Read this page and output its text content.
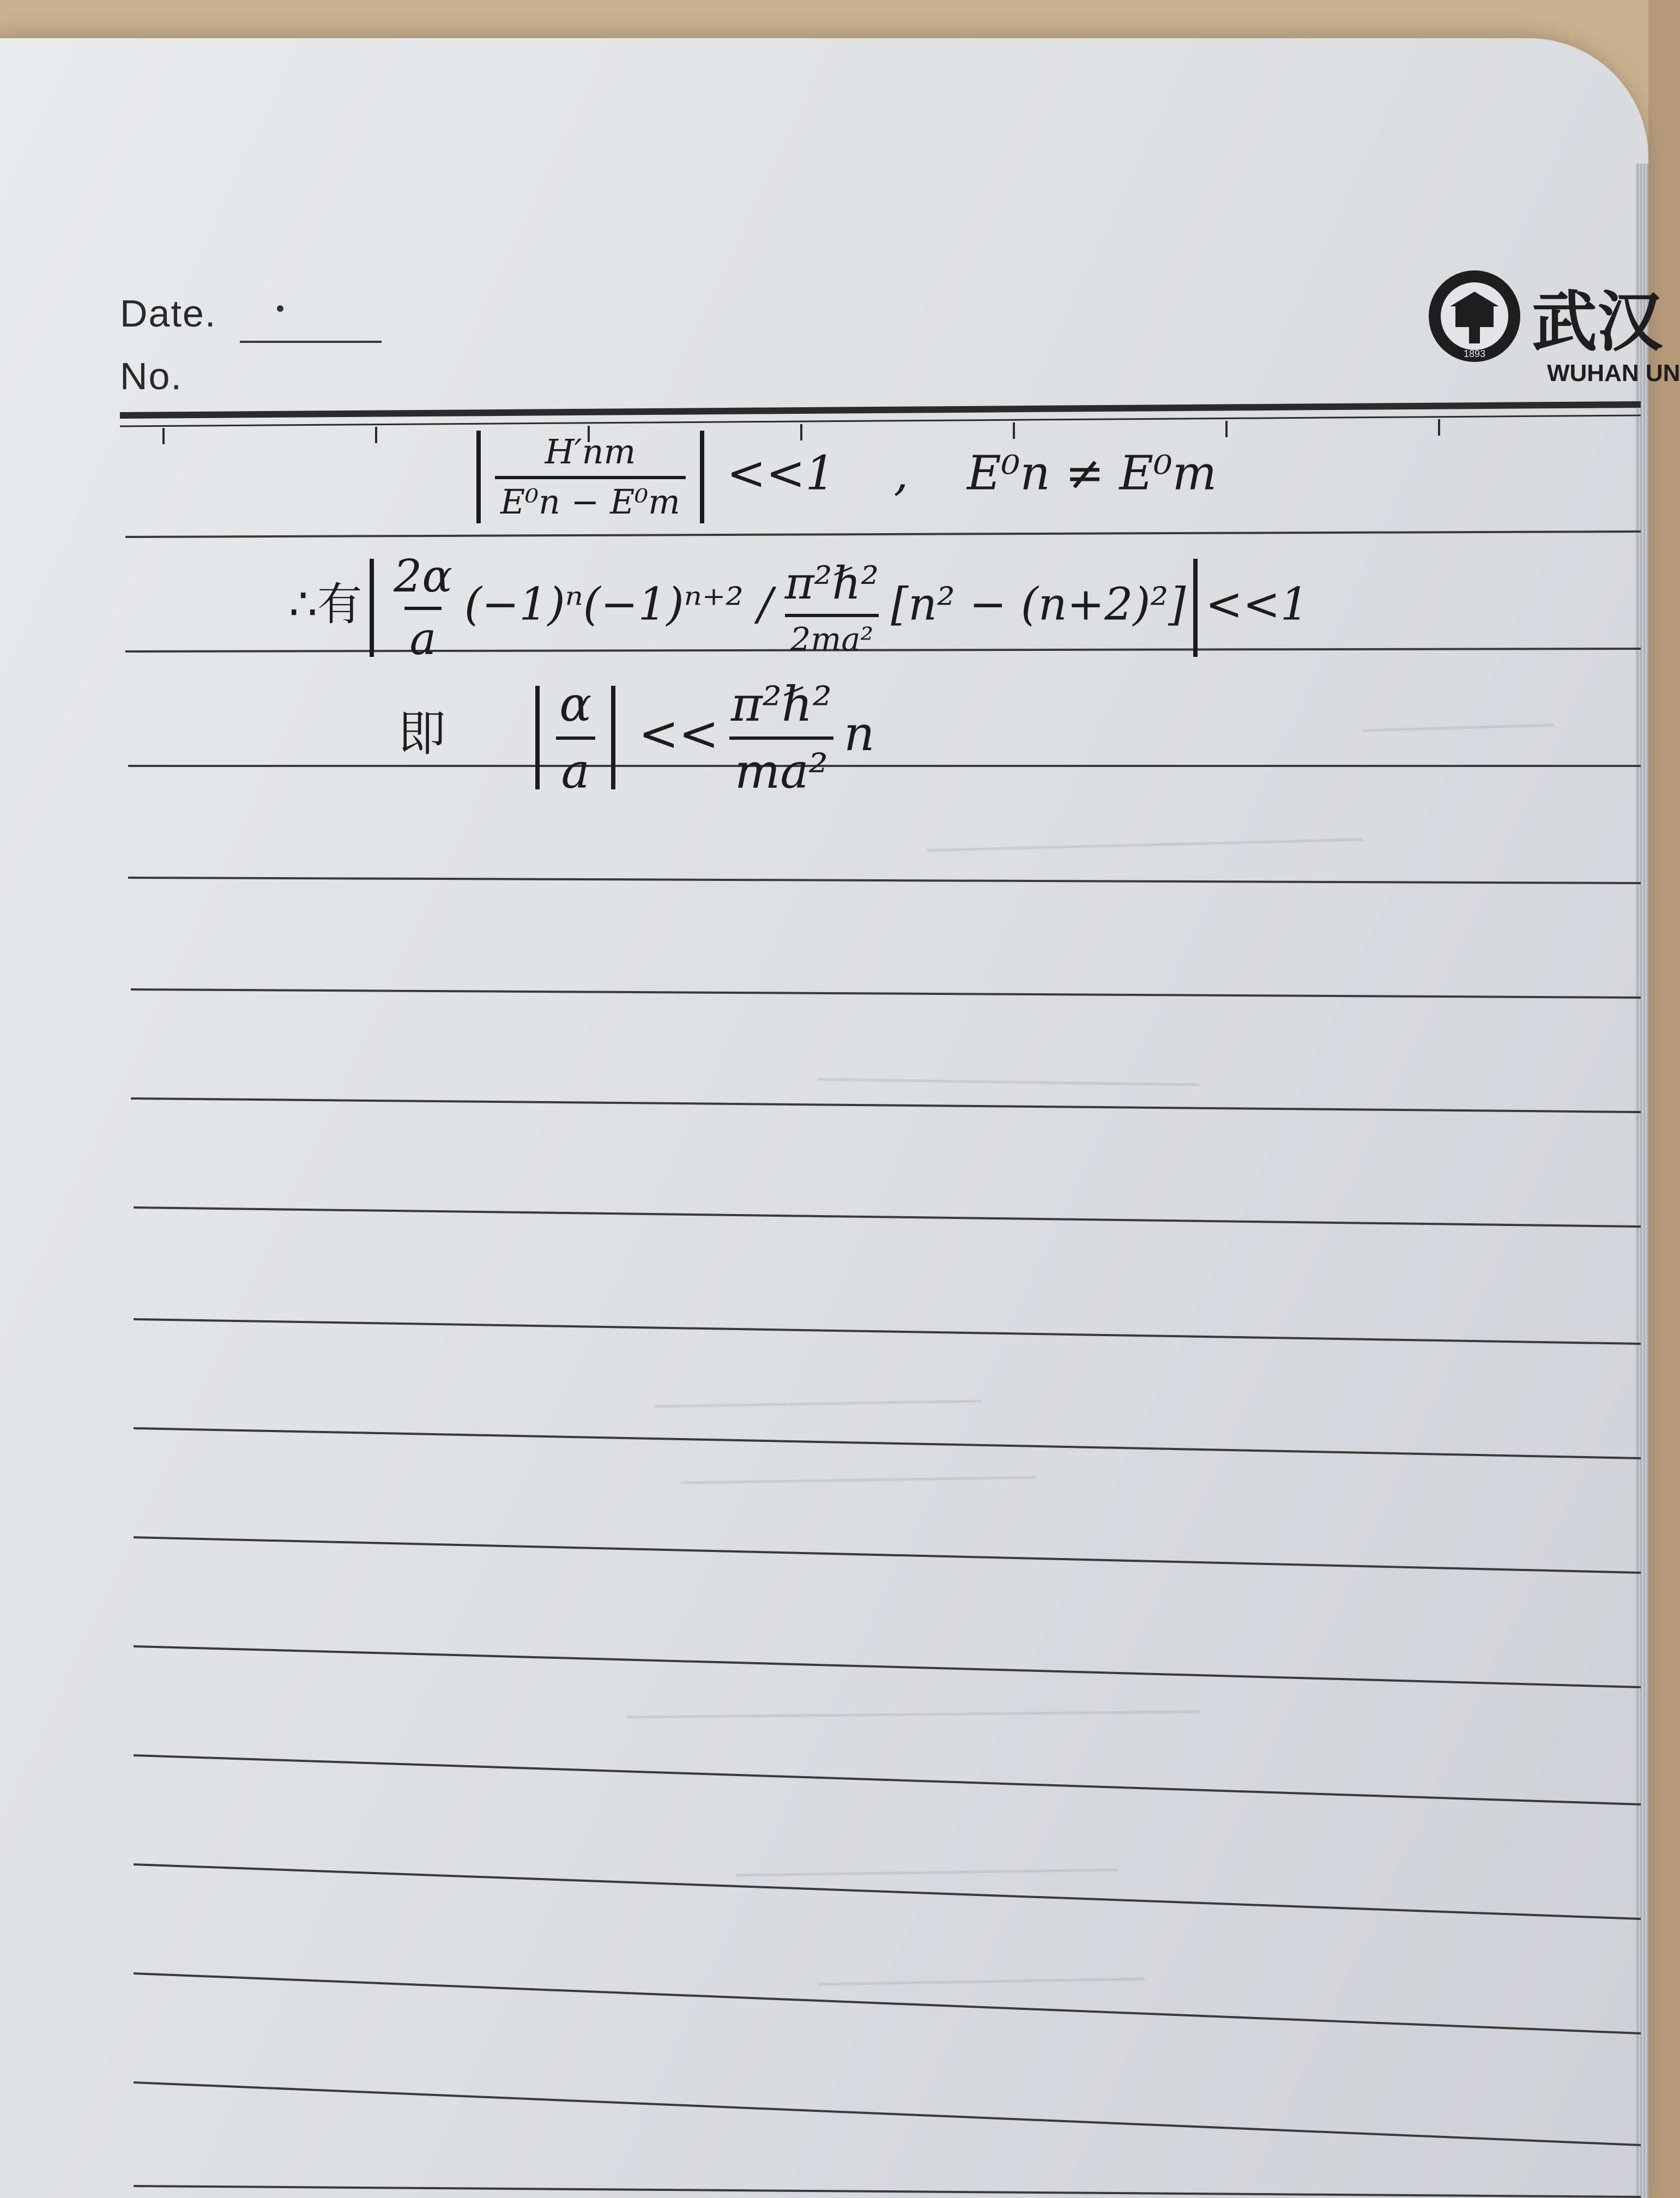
Date.
No.
1893 武汉
WUHAN UN
$\frac{H'nm}{\text{E⁰n − E⁰m}} <<1$ , E⁰n ≠ E⁰m
∴有 $\frac{2\alpha}{a} (-1)^n(-1)^{n+2} / \frac{\text{π²ℏ²}}{\text{2ma²}} [n^2 - (n+2)^2] <<1$
即 $\frac{\alpha}{a} << \frac{\text{π²ℏ²}}{\text{ma²}}$ n
